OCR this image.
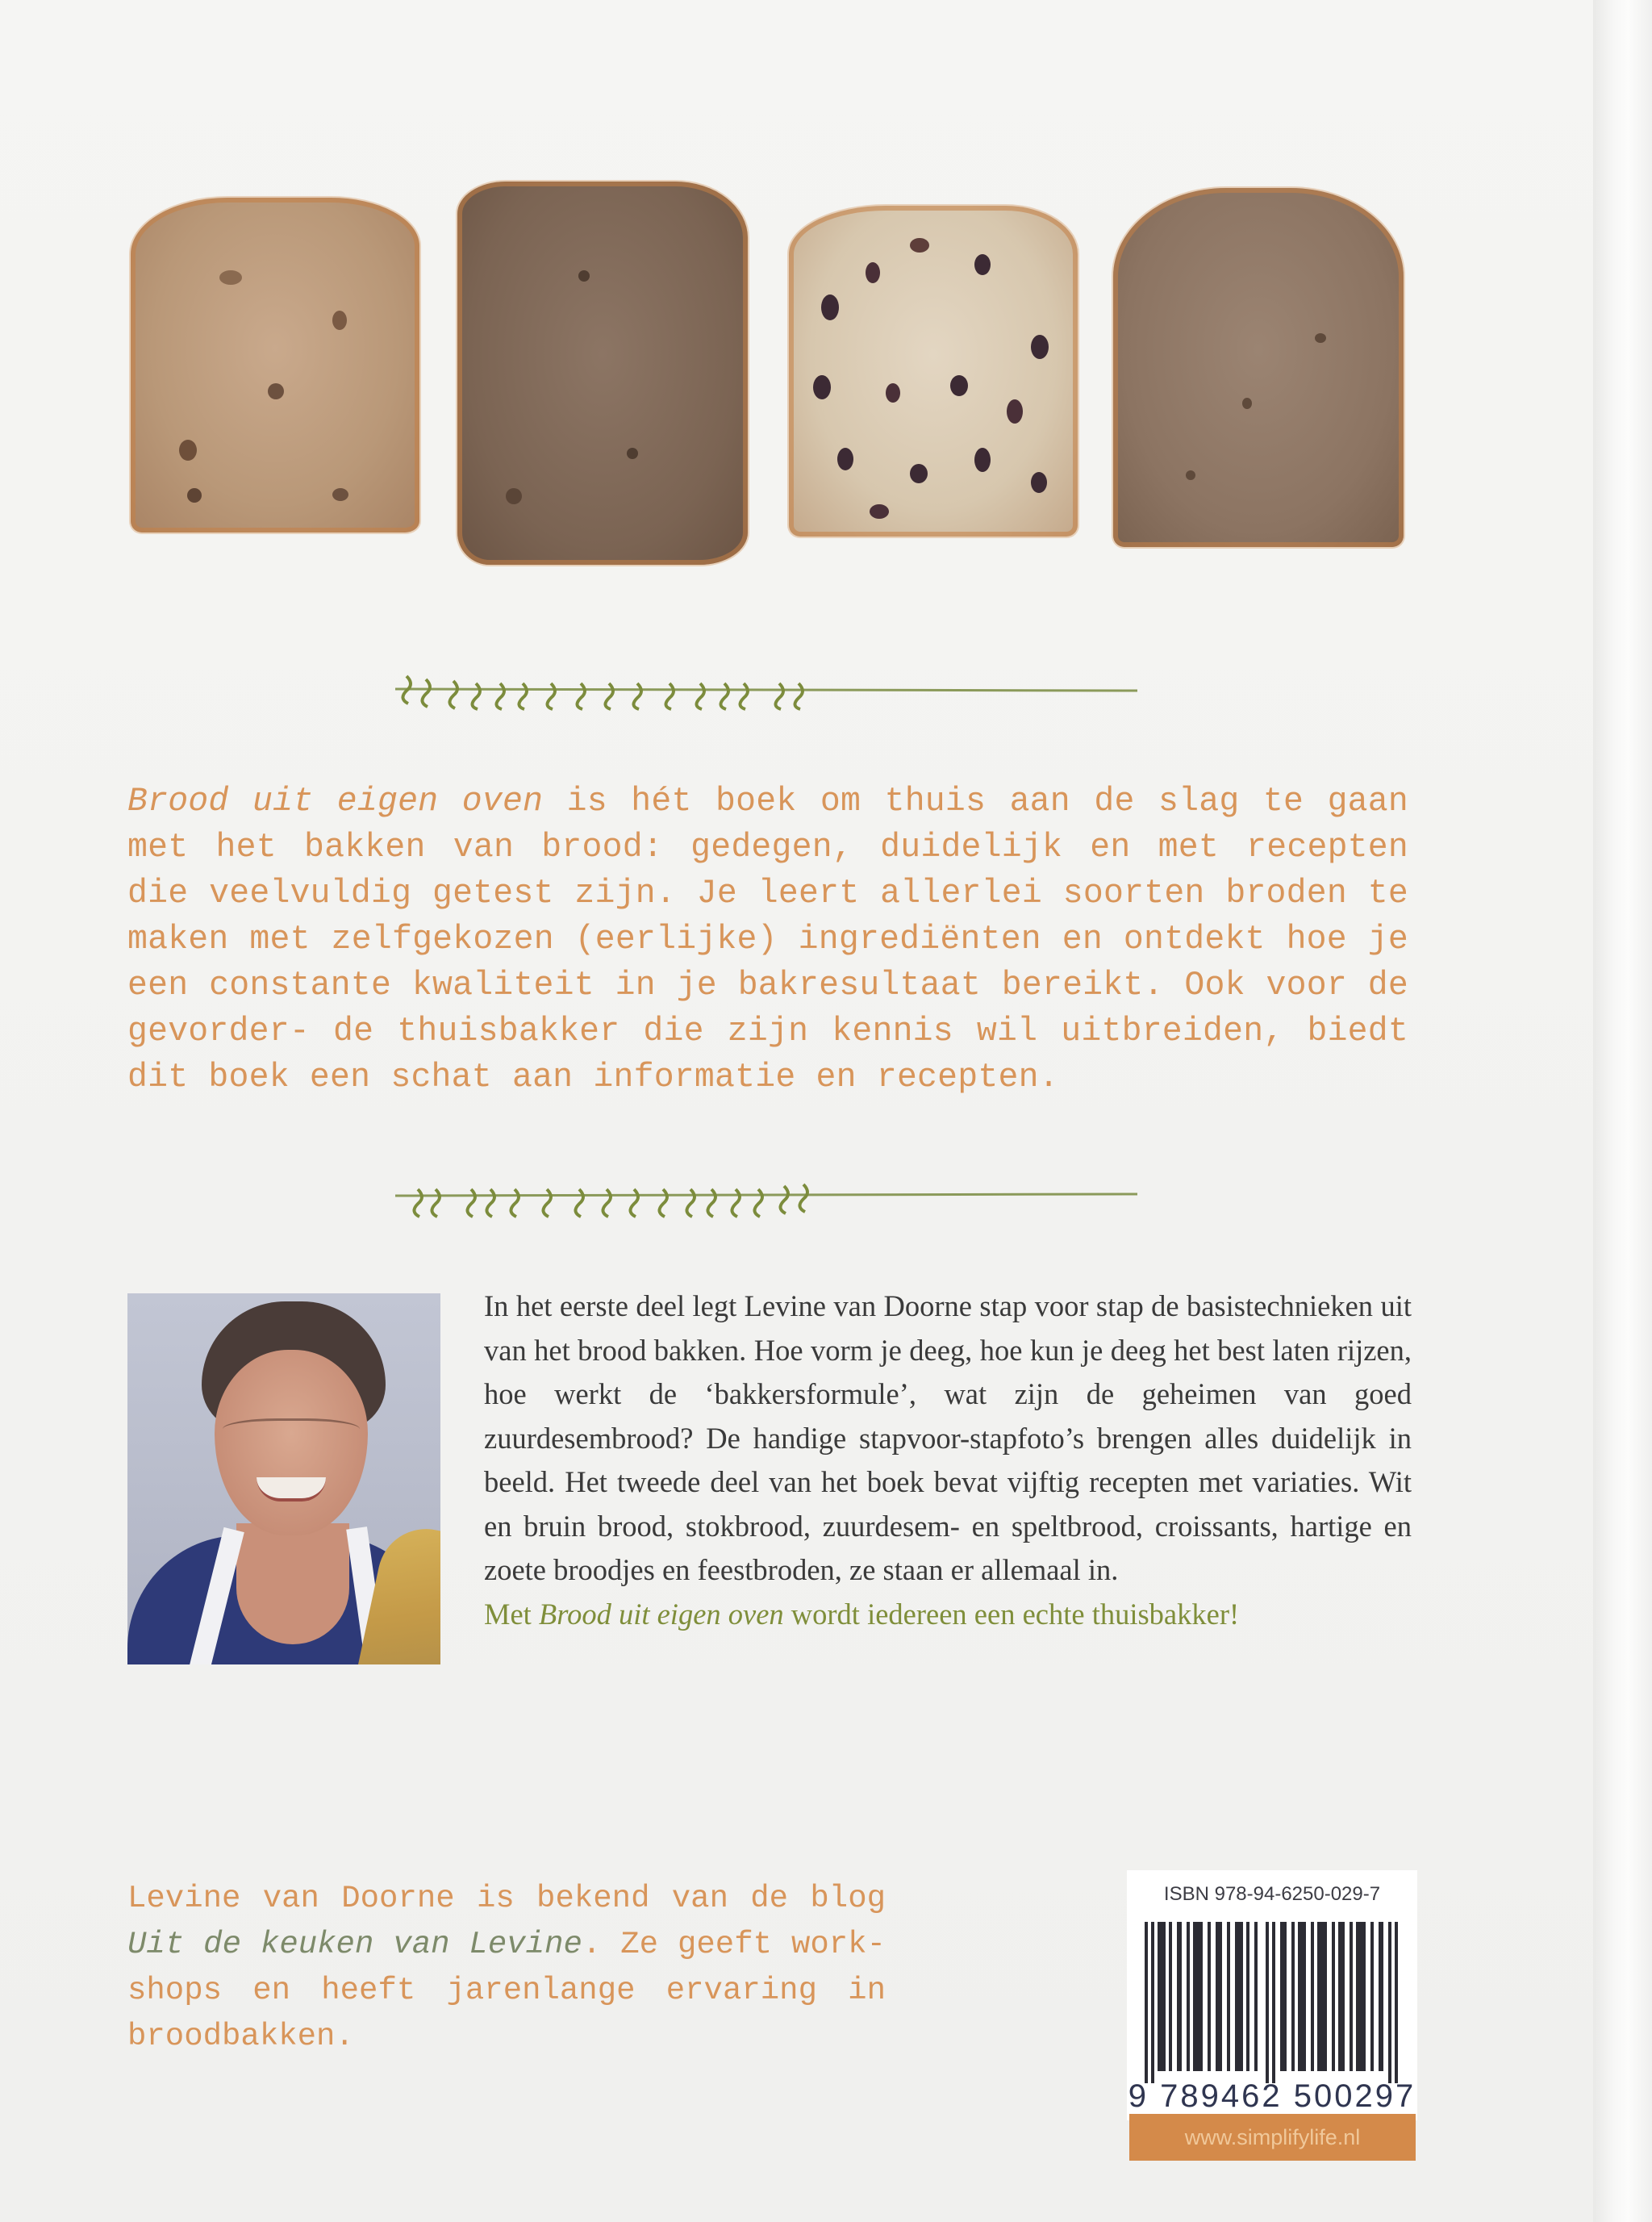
Brood uit eigen oven is hét boek om thuis aan de slag te gaan met het bakken van brood: gedegen, duidelijk en met recepten die veelvuldig getest zijn. Je leert allerlei soorten broden te maken met zelfgekozen (eerlijke) ingrediënten en ontdekt hoe je een constante kwaliteit in je bakresultaat bereikt. Ook voor de gevorder- de thuisbakker die zijn kennis wil uitbreiden, biedt dit boek een schat aan informatie en recepten.
In het eerste deel legt Levine van Doorne stap voor stap de basistechnieken uit van het brood bakken. Hoe vorm je deeg, hoe kun je deeg het best laten rijzen, hoe werkt de ‘bakkersformule’, wat zijn de geheimen van goed zuurdesembrood? De handige stapvoor-stapfoto’s brengen alles duidelijk in beeld. Het tweede deel van het boek bevat vijftig recepten met variaties. Wit en bruin brood, stokbrood, zuurdesem- en speltbrood, croissants, hartige en zoete broodjes en feestbroden, ze staan er allemaal in.
Met Brood uit eigen oven wordt iedereen een echte thuisbakker!
Levine van Doorne is bekend van de blog Uit de keuken van Levine. Ze geeft workshops en heeft jarenlange ervaring in broodbakken.
ISBN 978-94-6250-029-7
9 789462 500297
www.simplifylife.nl
